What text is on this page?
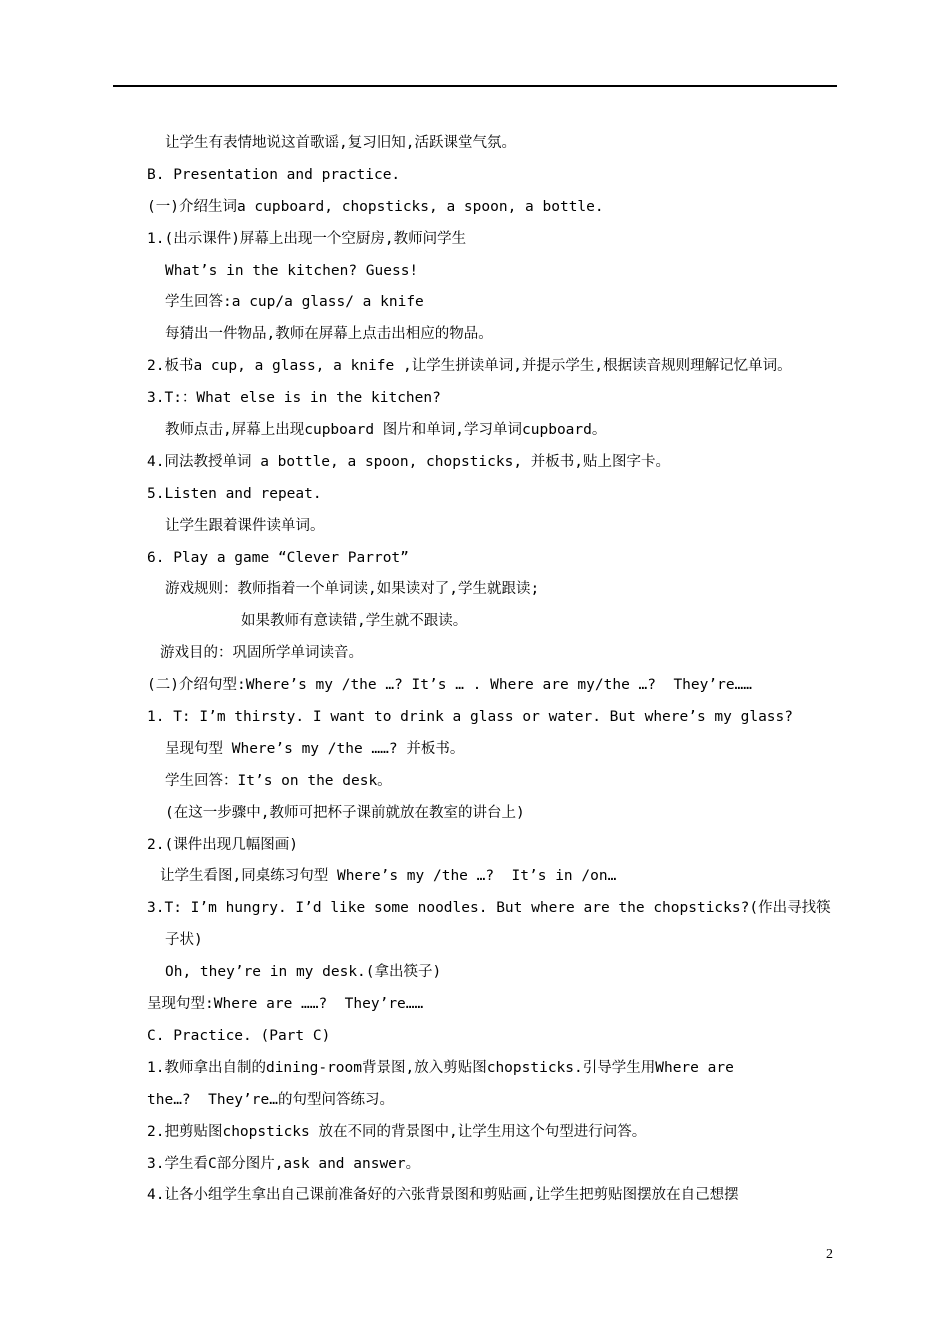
让学生有表情地说这首歌谣,复习旧知,活跃课堂气氛。
B. Presentation and practice.
(一)介绍生词a cupboard, chopsticks, a spoon, a bottle.
1.(出示课件)屏幕上出现一个空厨房,教师问学生
What’s in the kitchen? Guess!
学生回答:a cup/a glass/ a knife
每猜出一件物品,教师在屏幕上点击出相应的物品。
2.板书a cup, a glass, a knife ,让学生拼读单词,并提示学生,根据读音规则理解记忆单词。
3.T:：What else is in the kitchen?
教师点击,屏幕上出现cupboard 图片和单词,学习单词cupboard。
4.同法教授单词 a bottle, a spoon, chopsticks, 并板书,贴上图字卡。
5.Listen and repeat.
让学生跟着课件读单词。
6. Play a game “Clever Parrot”
游戏规则：教师指着一个单词读,如果读对了,学生就跟读;
如果教师有意读错,学生就不跟读。
游戏目的：巩固所学单词读音。
(二)介绍句型:Where’s my /the …? It’s … . Where are my/the …?  They’re……
1. T: I’m thirsty. I want to drink a glass or water. But where’s my glass?
呈现句型 Where’s my /the ……? 并板书。
学生回答：It’s on the desk。
(在这一步骤中,教师可把杯子课前就放在教室的讲台上)
2.(课件出现几幅图画)
让学生看图,同桌练习句型 Where’s my /the …?  It’s in /on…
3.T: I’m hungry. I’d like some noodles. But where are the chopsticks?(作出寻找筷
子状)
Oh, they’re in my desk.(拿出筷子)
呈现句型:Where are ……?  They’re……
C. Practice. (Part C)
1.教师拿出自制的dining-room背景图,放入剪贴图chopsticks.引导学生用Where are
the…?  They’re…的句型问答练习。
2.把剪贴图chopsticks 放在不同的背景图中,让学生用这个句型进行问答。
3.学生看C部分图片,ask and answer。
4.让各小组学生拿出自己课前准备好的六张背景图和剪贴画,让学生把剪贴图摆放在自己想摆
2
